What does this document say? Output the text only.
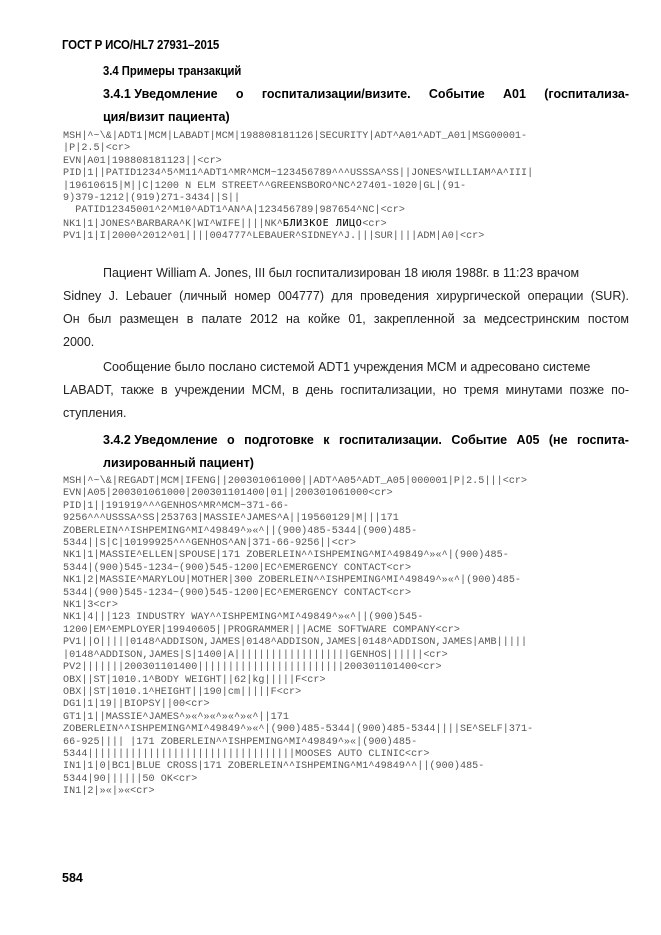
ГОСТ Р ИСО/HL7 27931–2015
3.4 Примеры транзакций
3.4.1 Уведомление о госпитализации/визите. Событие А01 (госпитализа-
ция/визит пациента)
MSH|^~\&|ADT1|MCM|LABADT|MCM|198808181126|SECURITY|ADT^A01^ADT_A01|MSG00001-
|P|2.5|<cr>
EVN|A01|198808181123||<cr>
PID|1||PATID1234^5^M11^ADT1^MR^MCM~123456789^^^USSSA^SS||JONES^WILLIAM^A^III|
|19610615|M||C|1200 N ELM STREET^^GREENSBORO^NC^27401-1020|GL|(91-
9)379-1212|(919)271-3434||S||
PATID12345001^2^M10^ADT1^AN^A|123456789|987654^NC|<cr>
NK1|1|JONES^BARBARA^K|WI^WIFE||||NK^БЛИЗКОЕ ЛИЦО<cr>
PV1|1|I|2000^2012^01||||004777^LEBAUER^SIDNEY^J.|||SUR||||ADM|A0|<cr>
Пациент William A. Jones, III был госпитализирован 18 июля 1988г. в 11:23 врачом
Sidney J. Lebauer (личный номер 004777) для проведения хирургической операции (SUR).
Он был размещен в палате 2012 на койке 01, закрепленной за медсестринским постом
2000.
Сообщение было послано системой ADT1 учреждения MCM и адресовано системе
LABADT, также в учреждении MCM, в день госпитализации, но тремя минутами позже по-
ступления.
3.4.2 Уведомление о подготовке к госпитализации. Событие А05 (не госпита-
лизированный пациент)
MSH|^~\&|REGADT|MCM|IFENG||200301061000||ADT^A05^ADT_A05|000001|P|2.5|||<cr>
EVN|A05|200301061000|200301101400|01||200301061000<cr>
PID|1||191919^^^GENHOS^MR^MCM~371-66-
9256^^^USSSA^SS|253763|MASSIE^JAMES^A||19560129|M|||171
ZOBERLEIN^^ISHPEMING^MI^49849^»«^||(900)485-5344|(900)485-
5344||S|C|10199925^^^GENHOS^AN|371-66-9256||<cr>
NK1|1|MASSIE^ELLEN|SPOUSE|171 ZOBERLEIN^^ISHPEMING^MI^49849^»«^|(900)485-
5344|(900)545-1234~(900)545-1200|EC^EMERGENCY CONTACT<cr>
NK1|2|MASSIE^MARYLOU|MOTHER|300 ZOBERLEIN^^ISHPEMING^MI^49849^»«^|(900)485-
5344|(900)545-1234~(900)545-1200|EC^EMERGENCY CONTACT<cr>
NK1|3<cr>
NK1|4|||123 INDUSTRY WAY^^ISHPEMING^MI^49849^»«^||(900)545-
1200|EM^EMPLOYER|19940605||PROGRAMMER|||ACME SOFTWARE COMPANY<cr>
PV1||O|||||0148^ADDISON,JAMES|0148^ADDISON,JAMES|0148^ADDISON,JAMES|AMB|||||
|0148^ADDISON,JAMES|S|1400|A|||||||||||||||||||GENHOS||||||<cr>
PV2|||||||200301101400||||||||||||||||||||||||200301101400<cr>
OBX||ST|1010.1^BODY WEIGHT||62|kg|||||F<cr>
OBX||ST|1010.1^HEIGHT||190|cm|||||F<cr>
DG1|1|19||BIOPSY||00<cr>
GT1|1||MASSIE^JAMES^»«^»«^»«^»«^||171
ZOBERLEIN^^ISHPEMING^MI^49849^»«^|(900)485-5344|(900)485-5344||||SE^SELF|371-
66-925|||| |171 ZOBERLEIN^^ISHPEMING^MI^49849^»«|(900)485-
5344||||||||||||||||||||||||||||||||||MOOSES AUTO CLINIC<cr>
IN1|1|0|BC1|BLUE CROSS|171 ZOBERLEIN^^ISHPEMING^M1^49849^^||(900)485-
5344|90||||||50 OK<cr>
IN1|2|»«|»«<cr>
584
